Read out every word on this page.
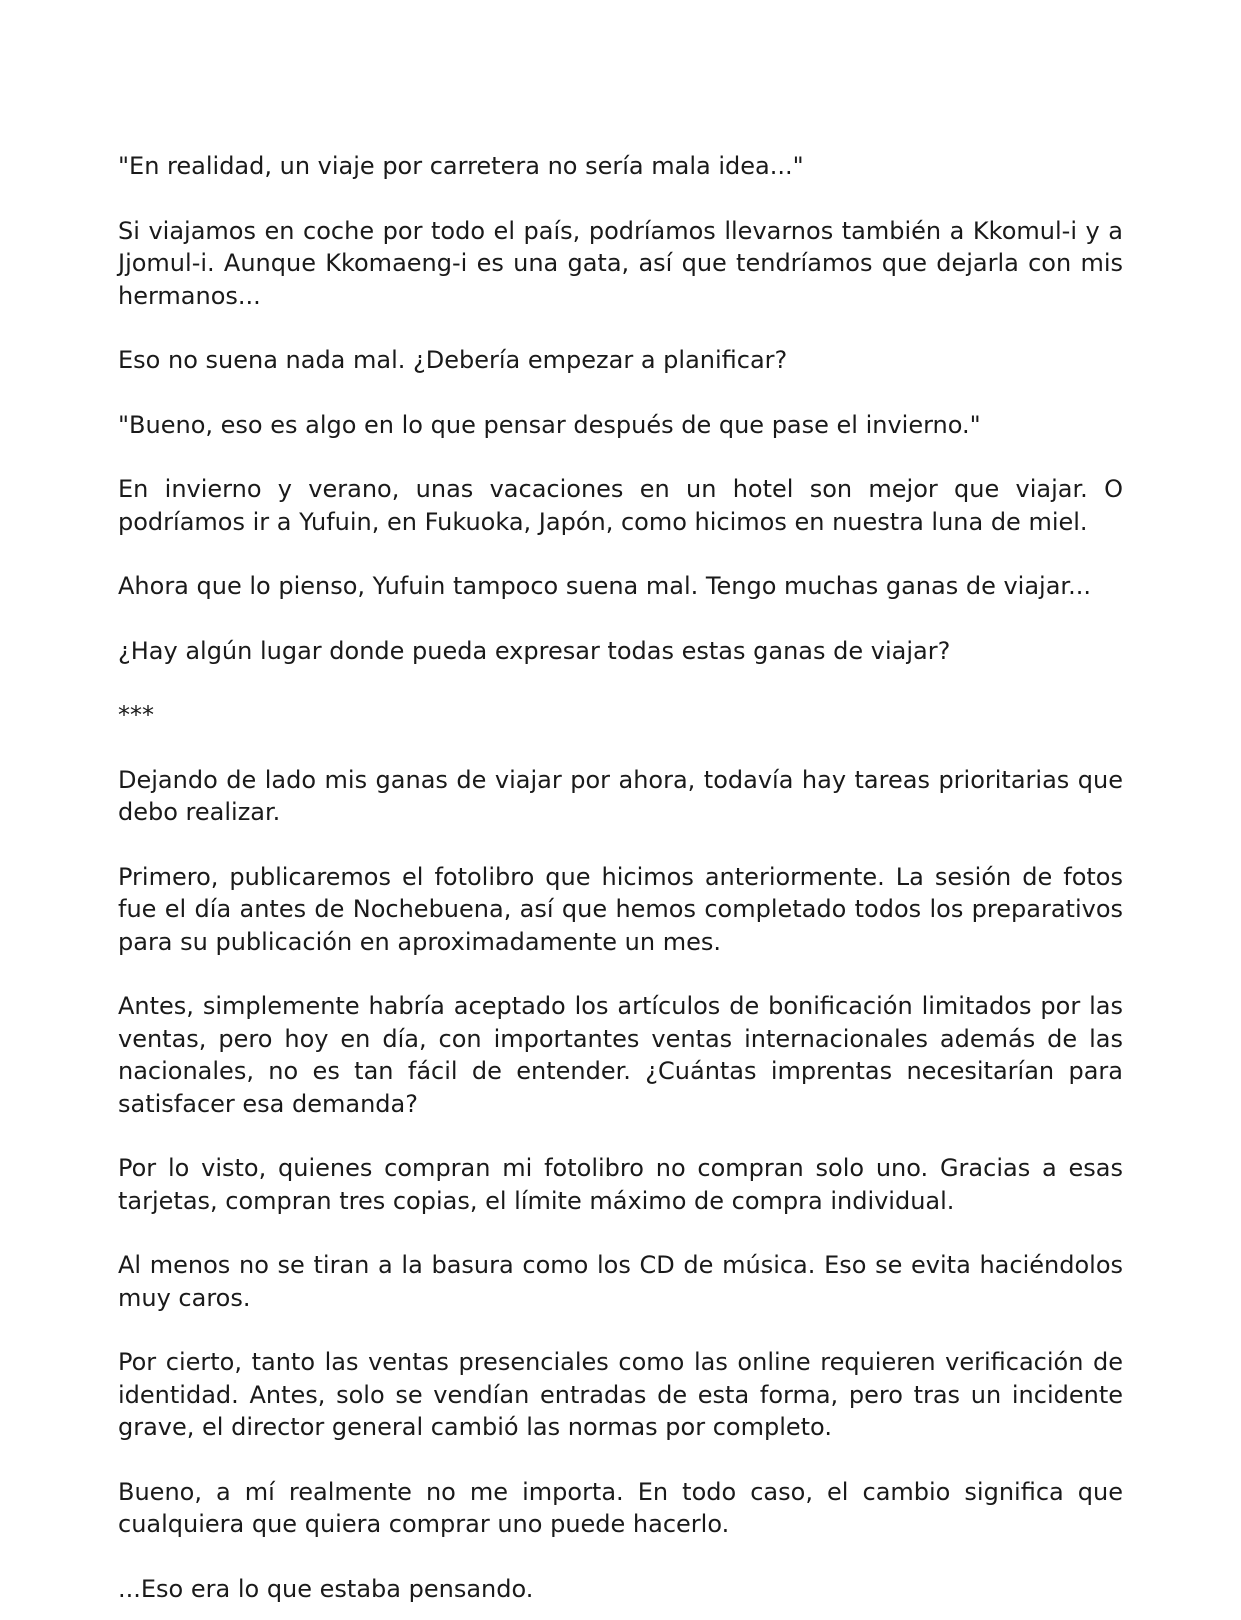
"En realidad, un viaje por carretera no sería mala idea..."

Si viajamos en coche por todo el país, podríamos llevarnos también a Kkomul-i y a Jjomul-i. Aunque Kkomaeng-i es una gata, así que tendríamos que dejarla con mis hermanos...

Eso no suena nada mal. ¿Debería empezar a planificar?

"Bueno, eso es algo en lo que pensar después de que pase el invierno."

En invierno y verano, unas vacaciones en un hotel son mejor que viajar. O podríamos ir a Yufuin, en Fukuoka, Japón, como hicimos en nuestra luna de miel.

Ahora que lo pienso, Yufuin tampoco suena mal. Tengo muchas ganas de viajar...

¿Hay algún lugar donde pueda expresar todas estas ganas de viajar?

***

Dejando de lado mis ganas de viajar por ahora, todavía hay tareas prioritarias que debo realizar.

Primero, publicaremos el fotolibro que hicimos anteriormente. La sesión de fotos fue el día antes de Nochebuena, así que hemos completado todos los preparativos para su publicación en aproximadamente un mes.

Antes, simplemente habría aceptado los artículos de bonificación limitados por las ventas, pero hoy en día, con importantes ventas internacionales además de las nacionales, no es tan fácil de entender. ¿Cuántas imprentas necesitarían para satisfacer esa demanda?

Por lo visto, quienes compran mi fotolibro no compran solo uno. Gracias a esas tarjetas, compran tres copias, el límite máximo de compra individual.

Al menos no se tiran a la basura como los CD de música. Eso se evita haciéndolos muy caros.

Por cierto, tanto las ventas presenciales como las online requieren verificación de identidad. Antes, solo se vendían entradas de esta forma, pero tras un incidente grave, el director general cambió las normas por completo.

Bueno, a mí realmente no me importa. En todo caso, el cambio significa que cualquiera que quiera comprar uno puede hacerlo.

...Eso era lo que estaba pensando.
